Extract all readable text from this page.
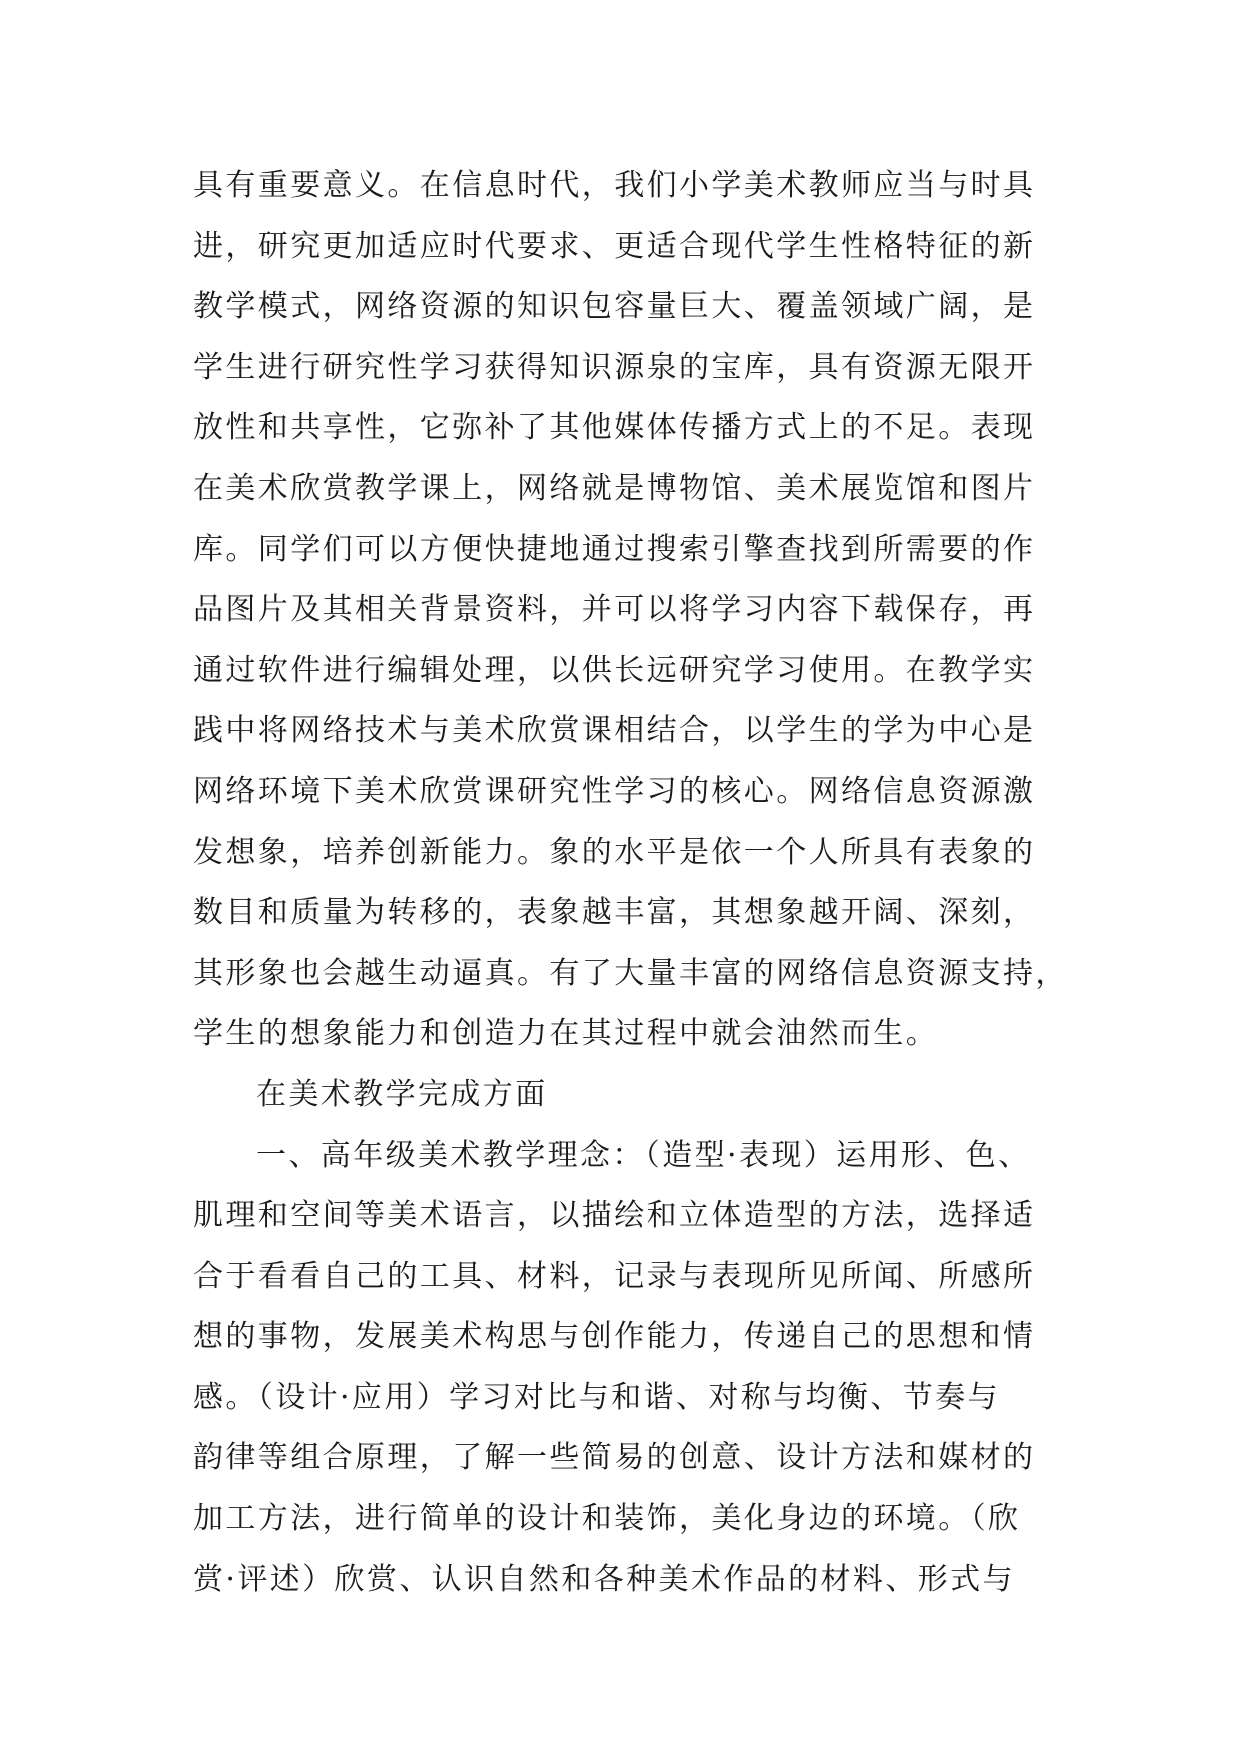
具有重要意义。在信息时代，我们小学美术教师应当与时具
进，研究更加适应时代要求、更适合现代学生性格特征的新
教学模式，网络资源的知识包容量巨大、覆盖领域广阔，是
学生进行研究性学习获得知识源泉的宝库，具有资源无限开
放性和共享性，它弥补了其他媒体传播方式上的不足。表现
在美术欣赏教学课上，网络就是博物馆、美术展览馆和图片
库。同学们可以方便快捷地通过搜索引擎查找到所需要的作
品图片及其相关背景资料，并可以将学习内容下载保存，再
通过软件进行编辑处理，以供长远研究学习使用。在教学实
践中将网络技术与美术欣赏课相结合，以学生的学为中心是
网络环境下美术欣赏课研究性学习的核心。网络信息资源激
发想象，培养创新能力。象的水平是依一个人所具有表象的
数目和质量为转移的，表象越丰富，其想象越开阔、深刻，
其形象也会越生动逼真。有了大量丰富的网络信息资源支持，
学生的想象能力和创造力在其过程中就会油然而生。
在美术教学完成方面
一、高年级美术教学理念：（造型·表现）运用形、色、
肌理和空间等美术语言，以描绘和立体造型的方法，选择适
合于看看自己的工具、材料，记录与表现所见所闻、所感所
想的事物，发展美术构思与创作能力，传递自己的思想和情
感。（设计·应用）学习对比与和谐、对称与均衡、节奏与
韵律等组合原理，了解一些简易的创意、设计方法和媒材的
加工方法，进行简单的设计和装饰，美化身边的环境。（欣
赏·评述）欣赏、认识自然和各种美术作品的材料、形式与
